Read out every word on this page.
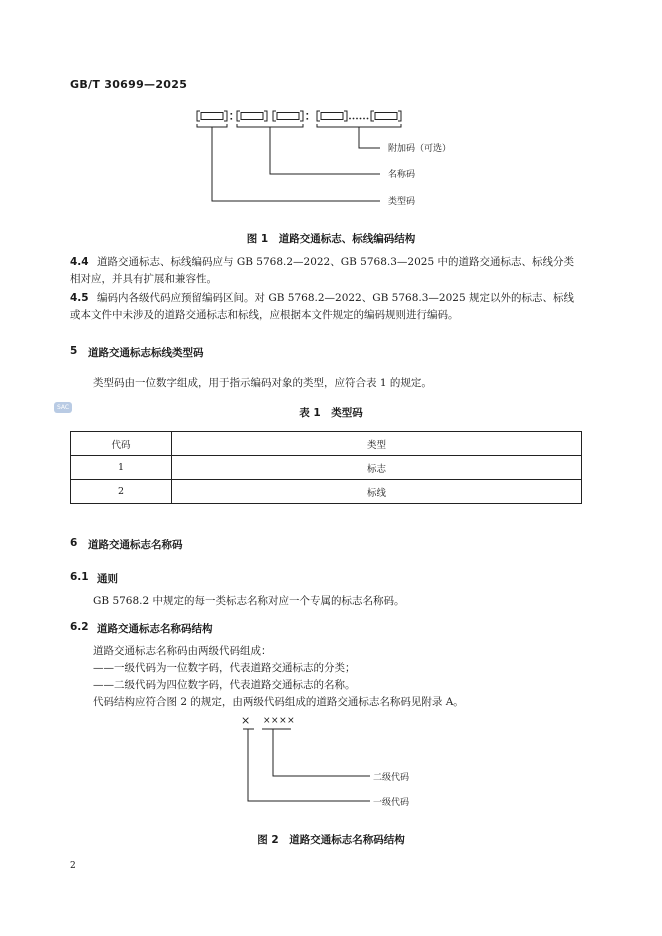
GB/T 30699—2025
附加码（可选）
名称码
类型码
图 1　道路交通标志、标线编码结构
4.4 道路交通标志、标线编码应与 GB 5768.2—2022、GB 5768.3—2025 中的道路交通标志、标线分类
相对应，并具有扩展和兼容性。
4.5 编码内各级代码应预留编码区间。对 GB 5768.2—2022、GB 5768.3—2025 规定以外的标志、标线
或本文件中未涉及的道路交通标志和标线，应根据本文件规定的编码规则进行编码。
5 道路交通标志标线类型码
类型码由一位数字组成，用于指示编码对象的类型，应符合表 1 的规定。
SAC	表 1　类型码
代码	类型
1	标志
2	标线
6 道路交通标志名称码
6.1 通则
GB 5768.2 中规定的每一类标志名称对应一个专属的标志名称码。
6.2 道路交通标志名称码结构
道路交通标志名称码由两级代码组成：
——一级代码为一位数字码，代表道路交通标志的分类；
——二级代码为四位数字码，代表道路交通标志的名称。
代码结构应符合图 2 的规定，由两级代码组成的道路交通标志名称码见附录 A。
× ××××
二级代码
一级代码
图 2　道路交通标志名称码结构
2
